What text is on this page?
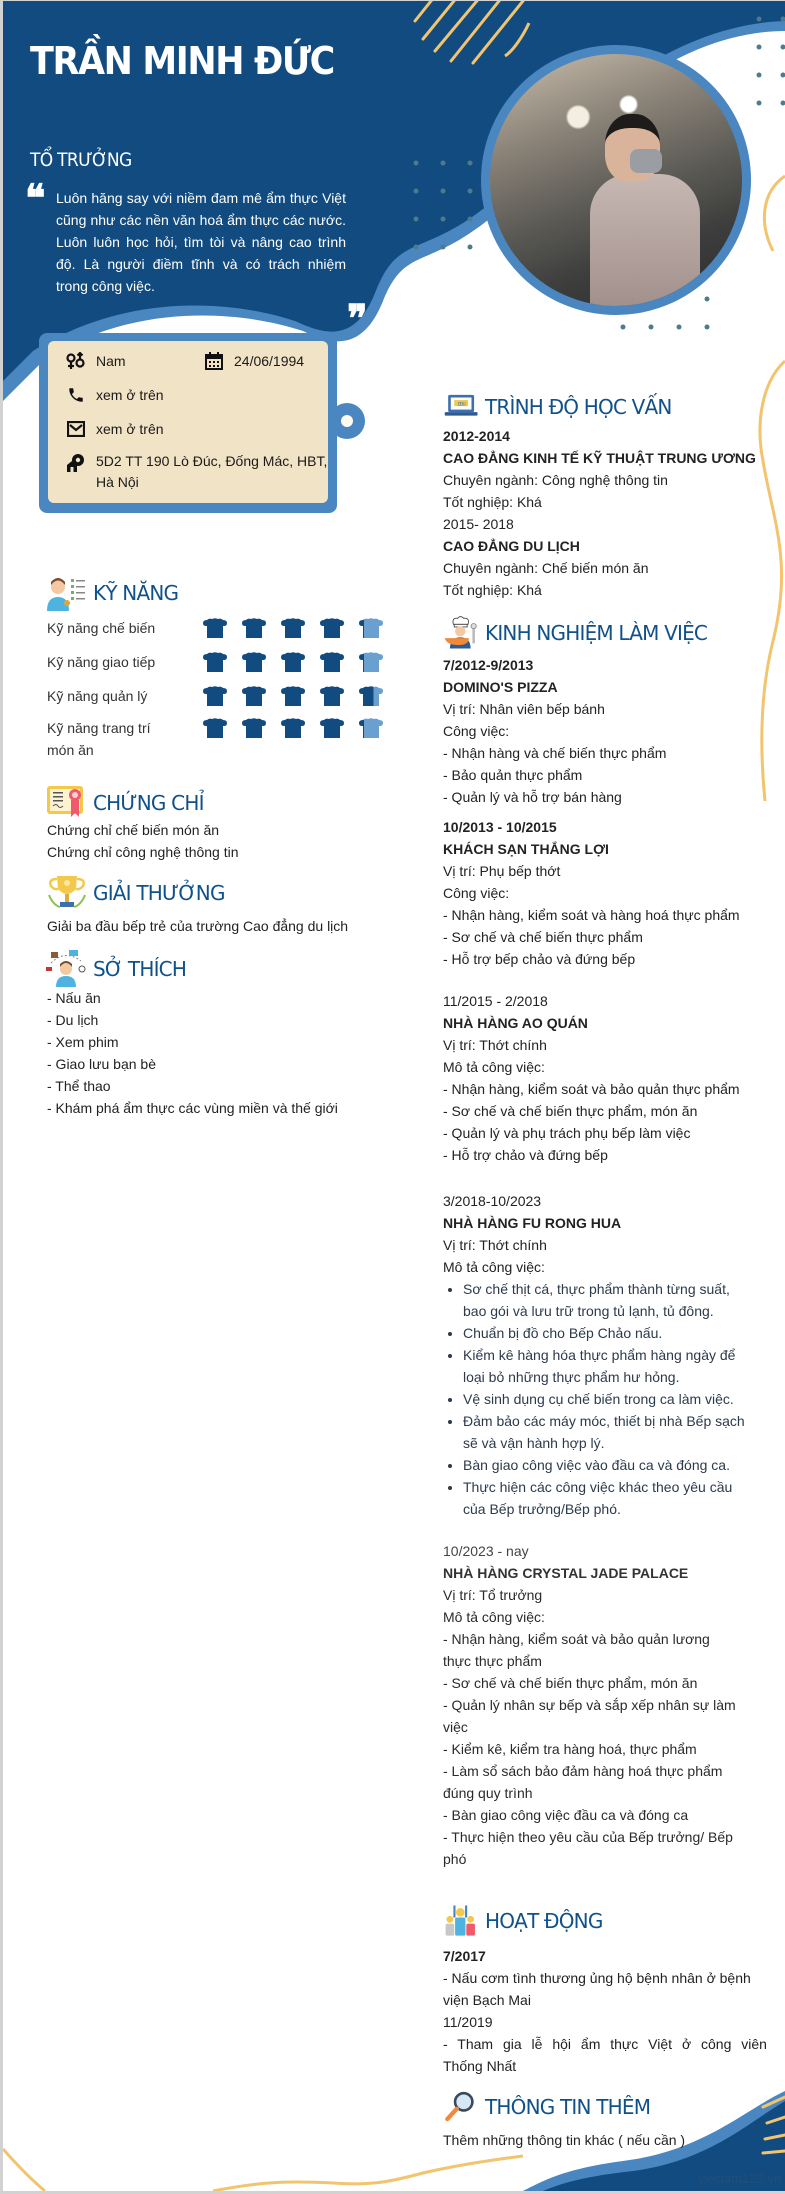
TRẦN MINH ĐỨC
TỔ TRƯỞNG
❝ Luôn hăng say với niềm đam mê ẩm thực Việt cũng như các nền văn hoá ẩm thực các nước. Luôn luôn học hỏi, tìm tòi và nâng cao trình độ. Là người điềm tĩnh và có trách nhiệm trong công việc.	❝
Nam	24/06/1994
xem ở trên
xem ở trên
5D2 TT 190 Lò Đúc, Đống Mác, HBT,
Hà Nội
KỸ NĂNG
Kỹ năng chế biến
Kỹ năng giao tiếp
Kỹ năng quản lý
Kỹ năng trang trí
món ăn
CHỨNG CHỈ
Chứng chỉ chế biến món ăn
Chứng chỉ công nghệ thông tin
GIẢI THƯỞNG
Giải ba đầu bếp trẻ của trường Cao đẳng du lịch
SỞ THÍCH
- Nấu ăn
- Du lịch
- Xem phim
- Giao lưu bạn bè
- Thể thao
- Khám phá ẩm thực các vùng miền và thế giới
.EDU TRÌNH ĐỘ HỌC VẤN
2012-2014
CAO ĐẲNG KINH TẾ KỸ THUẬT TRUNG ƯƠNG
Chuyên ngành: Công nghệ thông tin
Tốt nghiệp: Khá
2015- 2018
CAO ĐẲNG DU LỊCH
Chuyên ngành: Chế biến món ăn
Tốt nghiệp: Khá
KINH NGHIỆM LÀM VIỆC
7/2012-9/2013
DOMINO'S PIZZA
Vị trí: Nhân viên bếp bánh
Công việc:
- Nhận hàng và chế biến thực phẩm
- Bảo quản thực phẩm
- Quản lý và hỗ trợ bán hàng
10/2013 - 10/2015
KHÁCH SẠN THẮNG LỢI
Vị trí: Phụ bếp thớt
Công việc:
- Nhận hàng, kiểm soát và hàng hoá thực phẩm
- Sơ chế và chế biến thực phẩm
- Hỗ trợ bếp chảo và đứng bếp
11/2015 - 2/2018
NHÀ HÀNG AO QUÁN
Vị trí: Thớt chính
Mô tả công việc:
- Nhận hàng, kiểm soát và bảo quản thực phẩm
- Sơ chế và chế biến thực phẩm, món ăn
- Quản lý và phụ trách phụ bếp làm việc
- Hỗ trợ chảo và đứng bếp
3/2018-10/2023
NHÀ HÀNG FU RONG HUA
Vị trí: Thớt chính
Mô tả công việc:
• Sơ chế thịt cá, thực phẩm thành từng suất, bao gói và lưu trữ trong tủ lạnh, tủ đông.
• Chuẩn bị đồ cho Bếp Chảo nấu.
• Kiểm kê hàng hóa thực phẩm hàng ngày để loại bỏ những thực phẩm hư hỏng.
• Vệ sinh dụng cụ chế biến trong ca làm việc.
• Đảm bảo các máy móc, thiết bị nhà Bếp sạch sẽ và vận hành hợp lý.
• Bàn giao công việc vào đầu ca và đóng ca.
• Thực hiện các công việc khác theo yêu cầu của Bếp trưởng/Bếp phó.
10/2023 - nay
NHÀ HÀNG CRYSTAL JADE PALACE
Vị trí: Tổ trưởng
Mô tả công việc:
- Nhận hàng, kiểm soát và bảo quản lương
thực thực phẩm
- Sơ chế và chế biến thực phẩm, món ăn
- Quản lý nhân sự bếp và sắp xếp nhân sự làm
việc
- Kiểm kê, kiểm tra hàng hoá, thực phẩm
- Làm sổ sách bảo đảm hàng hoá thực phẩm
đúng quy trình
- Bàn giao công việc đầu ca và đóng ca
- Thực hiện theo yêu cầu của Bếp trưởng/ Bếp
phó
HOẠT ĐỘNG
7/2017
- Nấu cơm tình thương ủng hộ bệnh nhân ở bệnh
viện Bạch Mai
11/2019
- Tham gia lễ hội ẩm thực Việt ở công viên
Thống Nhất
THÔNG TIN THÊM
Thêm những thông tin khác ( nếu cần )
vieclam123.vn
